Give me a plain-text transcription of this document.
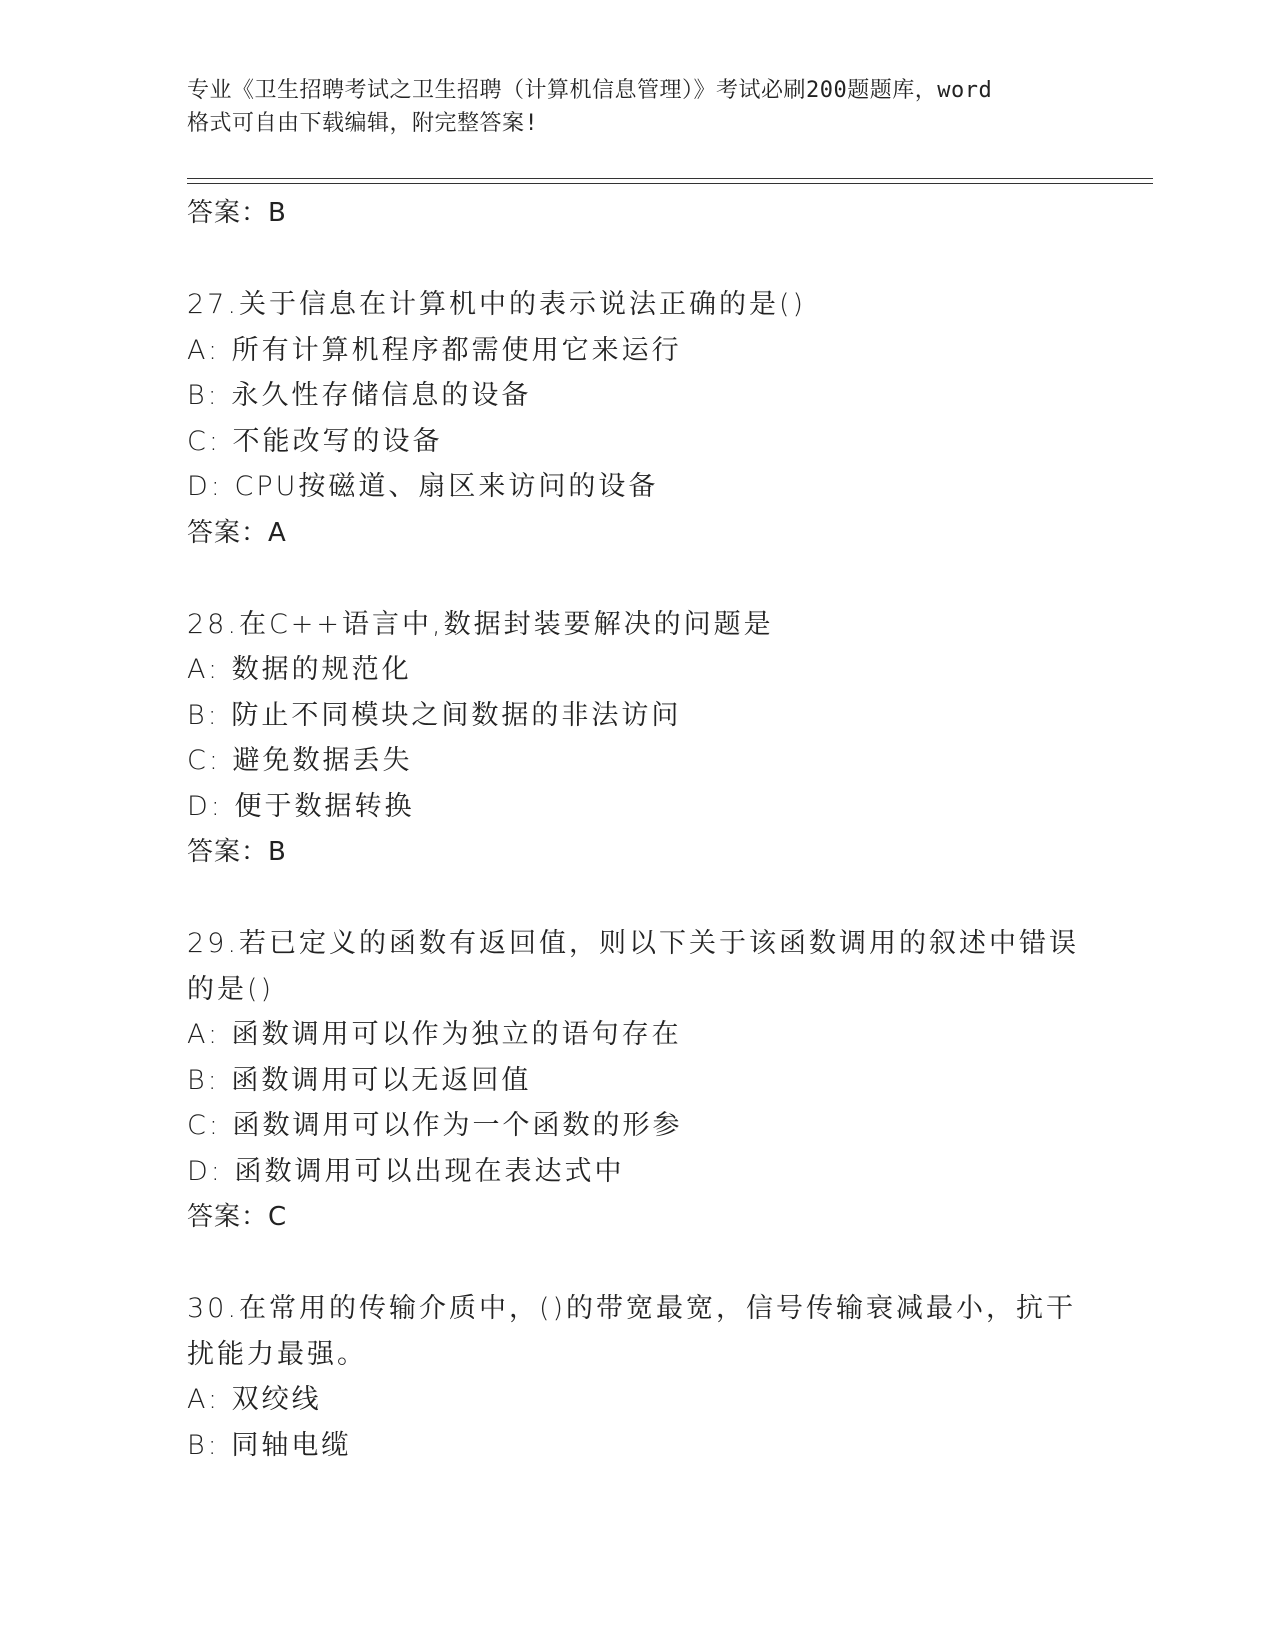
专业《卫生招聘考试之卫生招聘（计算机信息管理）》考试必刷200题题库，word
格式可自由下载编辑，附完整答案!
答案：B
27.关于信息在计算机中的表示说法正确的是()
A: 所有计算机程序都需使用它来运行
B: 永久性存储信息的设备
C: 不能改写的设备
D: CPU按磁道、扇区来访问的设备
答案：A
28.在C++语言中,数据封装要解决的问题是
A: 数据的规范化
B: 防止不同模块之间数据的非法访问
C: 避免数据丢失
D: 便于数据转换
答案：B
29.若已定义的函数有返回值，则以下关于该函数调用的叙述中错误的是()
A: 函数调用可以作为独立的语句存在
B: 函数调用可以无返回值
C: 函数调用可以作为一个函数的形参
D: 函数调用可以出现在表达式中
答案：C
30.在常用的传输介质中，()的带宽最宽，信号传输衰减最小，抗干扰能力最强。
A: 双绞线
B: 同轴电缆
